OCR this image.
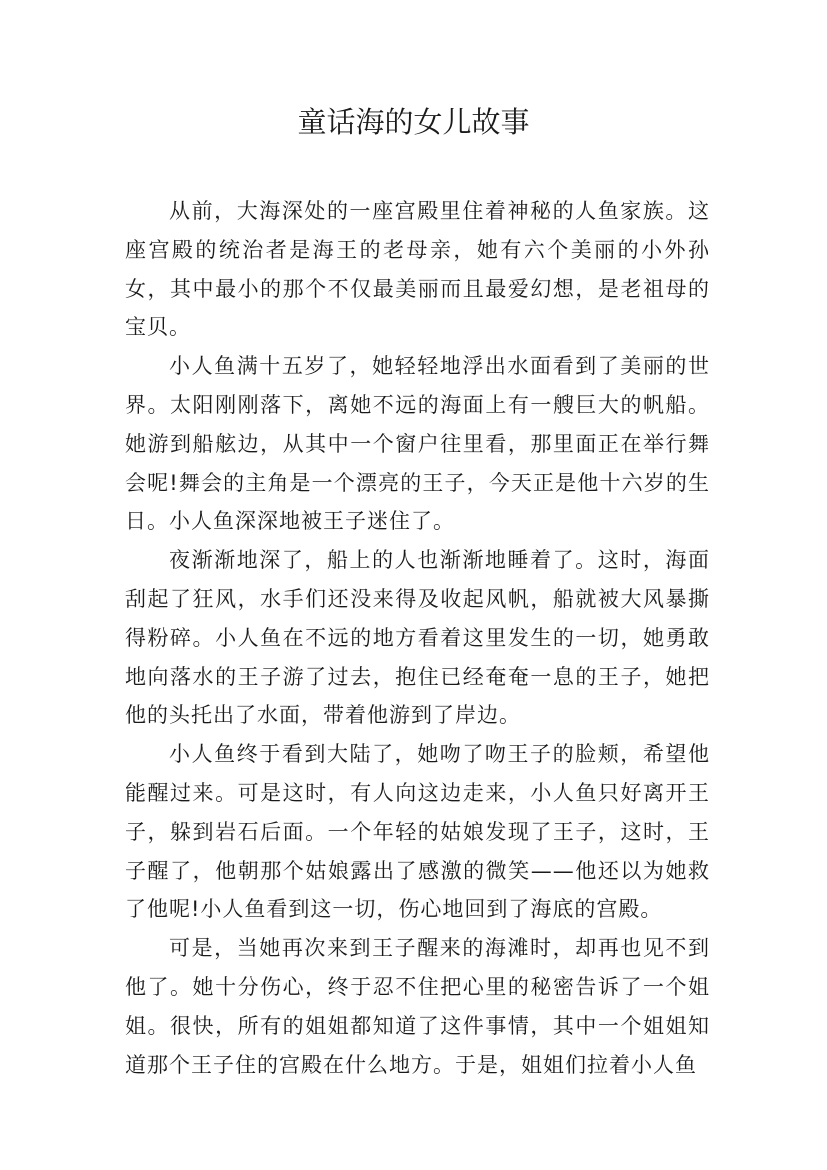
童话海的女儿故事

从前，大海深处的一座宫殿里住着神秘的人鱼家族。这座宫殿的统治者是海王的老母亲，她有六个美丽的小外孙女，其中最小的那个不仅最美丽而且最爱幻想，是老祖母的宝贝。

小人鱼满十五岁了，她轻轻地浮出水面看到了美丽的世界。太阳刚刚落下，离她不远的海面上有一艘巨大的帆船。她游到船舷边，从其中一个窗户往里看，那里面正在举行舞会呢!舞会的主角是一个漂亮的王子，今天正是他十六岁的生日。小人鱼深深地被王子迷住了。

夜渐渐地深了，船上的人也渐渐地睡着了。这时，海面刮起了狂风，水手们还没来得及收起风帆，船就被大风暴撕得粉碎。小人鱼在不远的地方看着这里发生的一切，她勇敢地向落水的王子游了过去，抱住已经奄奄一息的王子，她把他的头托出了水面，带着他游到了岸边。

小人鱼终于看到大陆了，她吻了吻王子的脸颊，希望他能醒过来。可是这时，有人向这边走来，小人鱼只好离开王子，躲到岩石后面。一个年轻的姑娘发现了王子，这时，王子醒了，他朝那个姑娘露出了感激的微笑——他还以为她救了他呢!小人鱼看到这一切，伤心地回到了海底的宫殿。

可是，当她再次来到王子醒来的海滩时，却再也见不到他了。她十分伤心，终于忍不住把心里的秘密告诉了一个姐姐。很快，所有的姐姐都知道了这件事情，其中一个姐姐知道那个王子住的宫殿在什么地方。于是，姐姐们拉着小人鱼
